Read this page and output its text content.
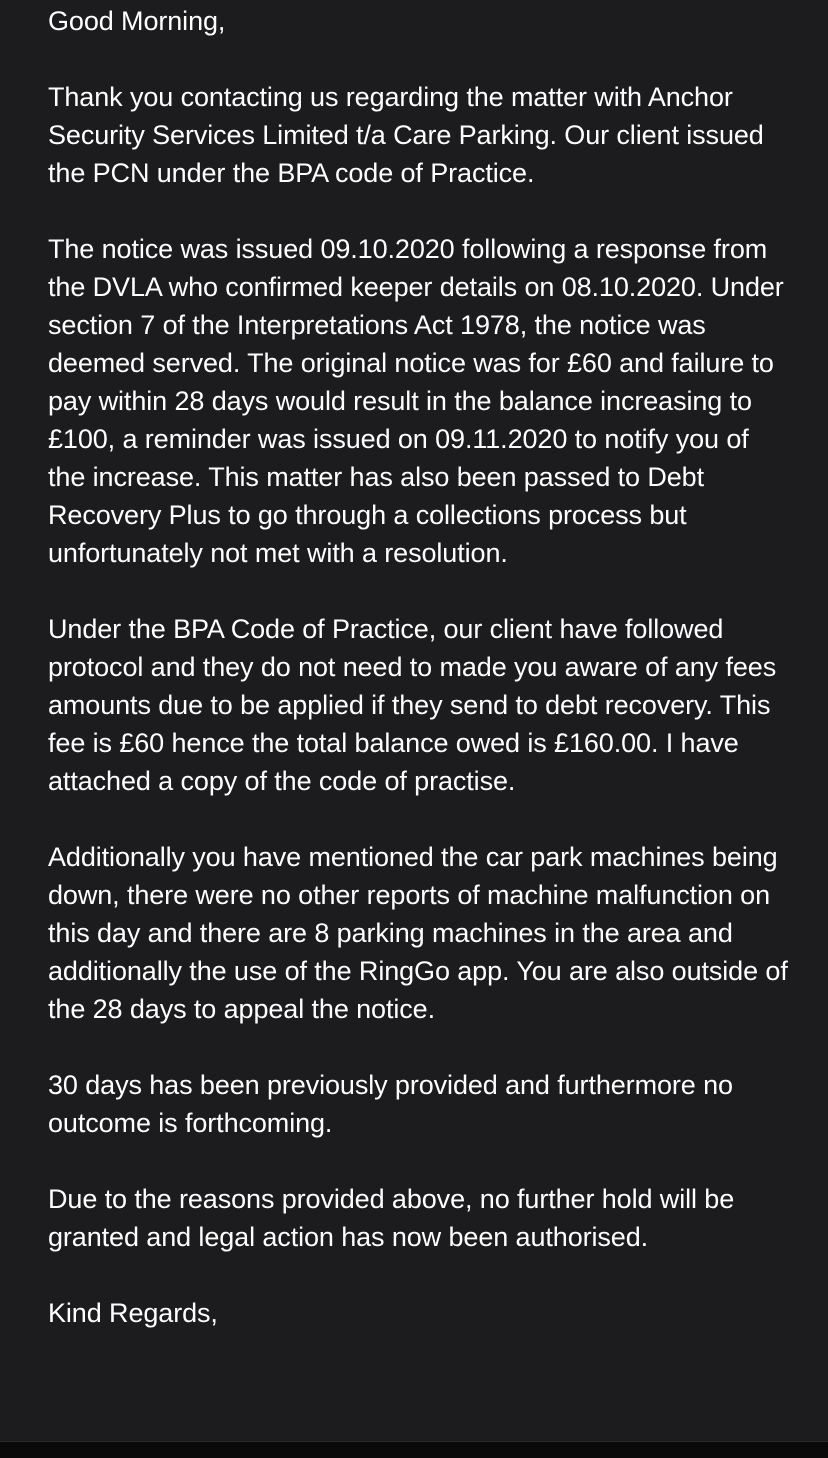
Good Morning,

Thank you contacting us regarding the matter with Anchor Security Services Limited t/a Care Parking. Our client issued the PCN under the BPA code of Practice.

The notice was issued 09.10.2020 following a response from the DVLA who confirmed keeper details on 08.10.2020. Under section 7 of the Interpretations Act 1978, the notice was deemed served. The original notice was for £60 and failure to pay within 28 days would result in the balance increasing to £100, a reminder was issued on 09.11.2020 to notify you of the increase. This matter has also been passed to Debt Recovery Plus to go through a collections process but unfortunately not met with a resolution.

Under the BPA Code of Practice, our client have followed protocol and they do not need to made you aware of any fees amounts due to be applied if they send to debt recovery. This fee is £60 hence the total balance owed is £160.00. I have attached a copy of the code of practise.

Additionally you have mentioned the car park machines being down, there were no other reports of machine malfunction on this day and there are 8 parking machines in the area and additionally the use of the RingGo app. You are also outside of the 28 days to appeal the notice.

30 days has been previously provided and furthermore no outcome is forthcoming.

Due to the reasons provided above, no further hold will be granted and legal action has now been authorised.

Kind Regards,
